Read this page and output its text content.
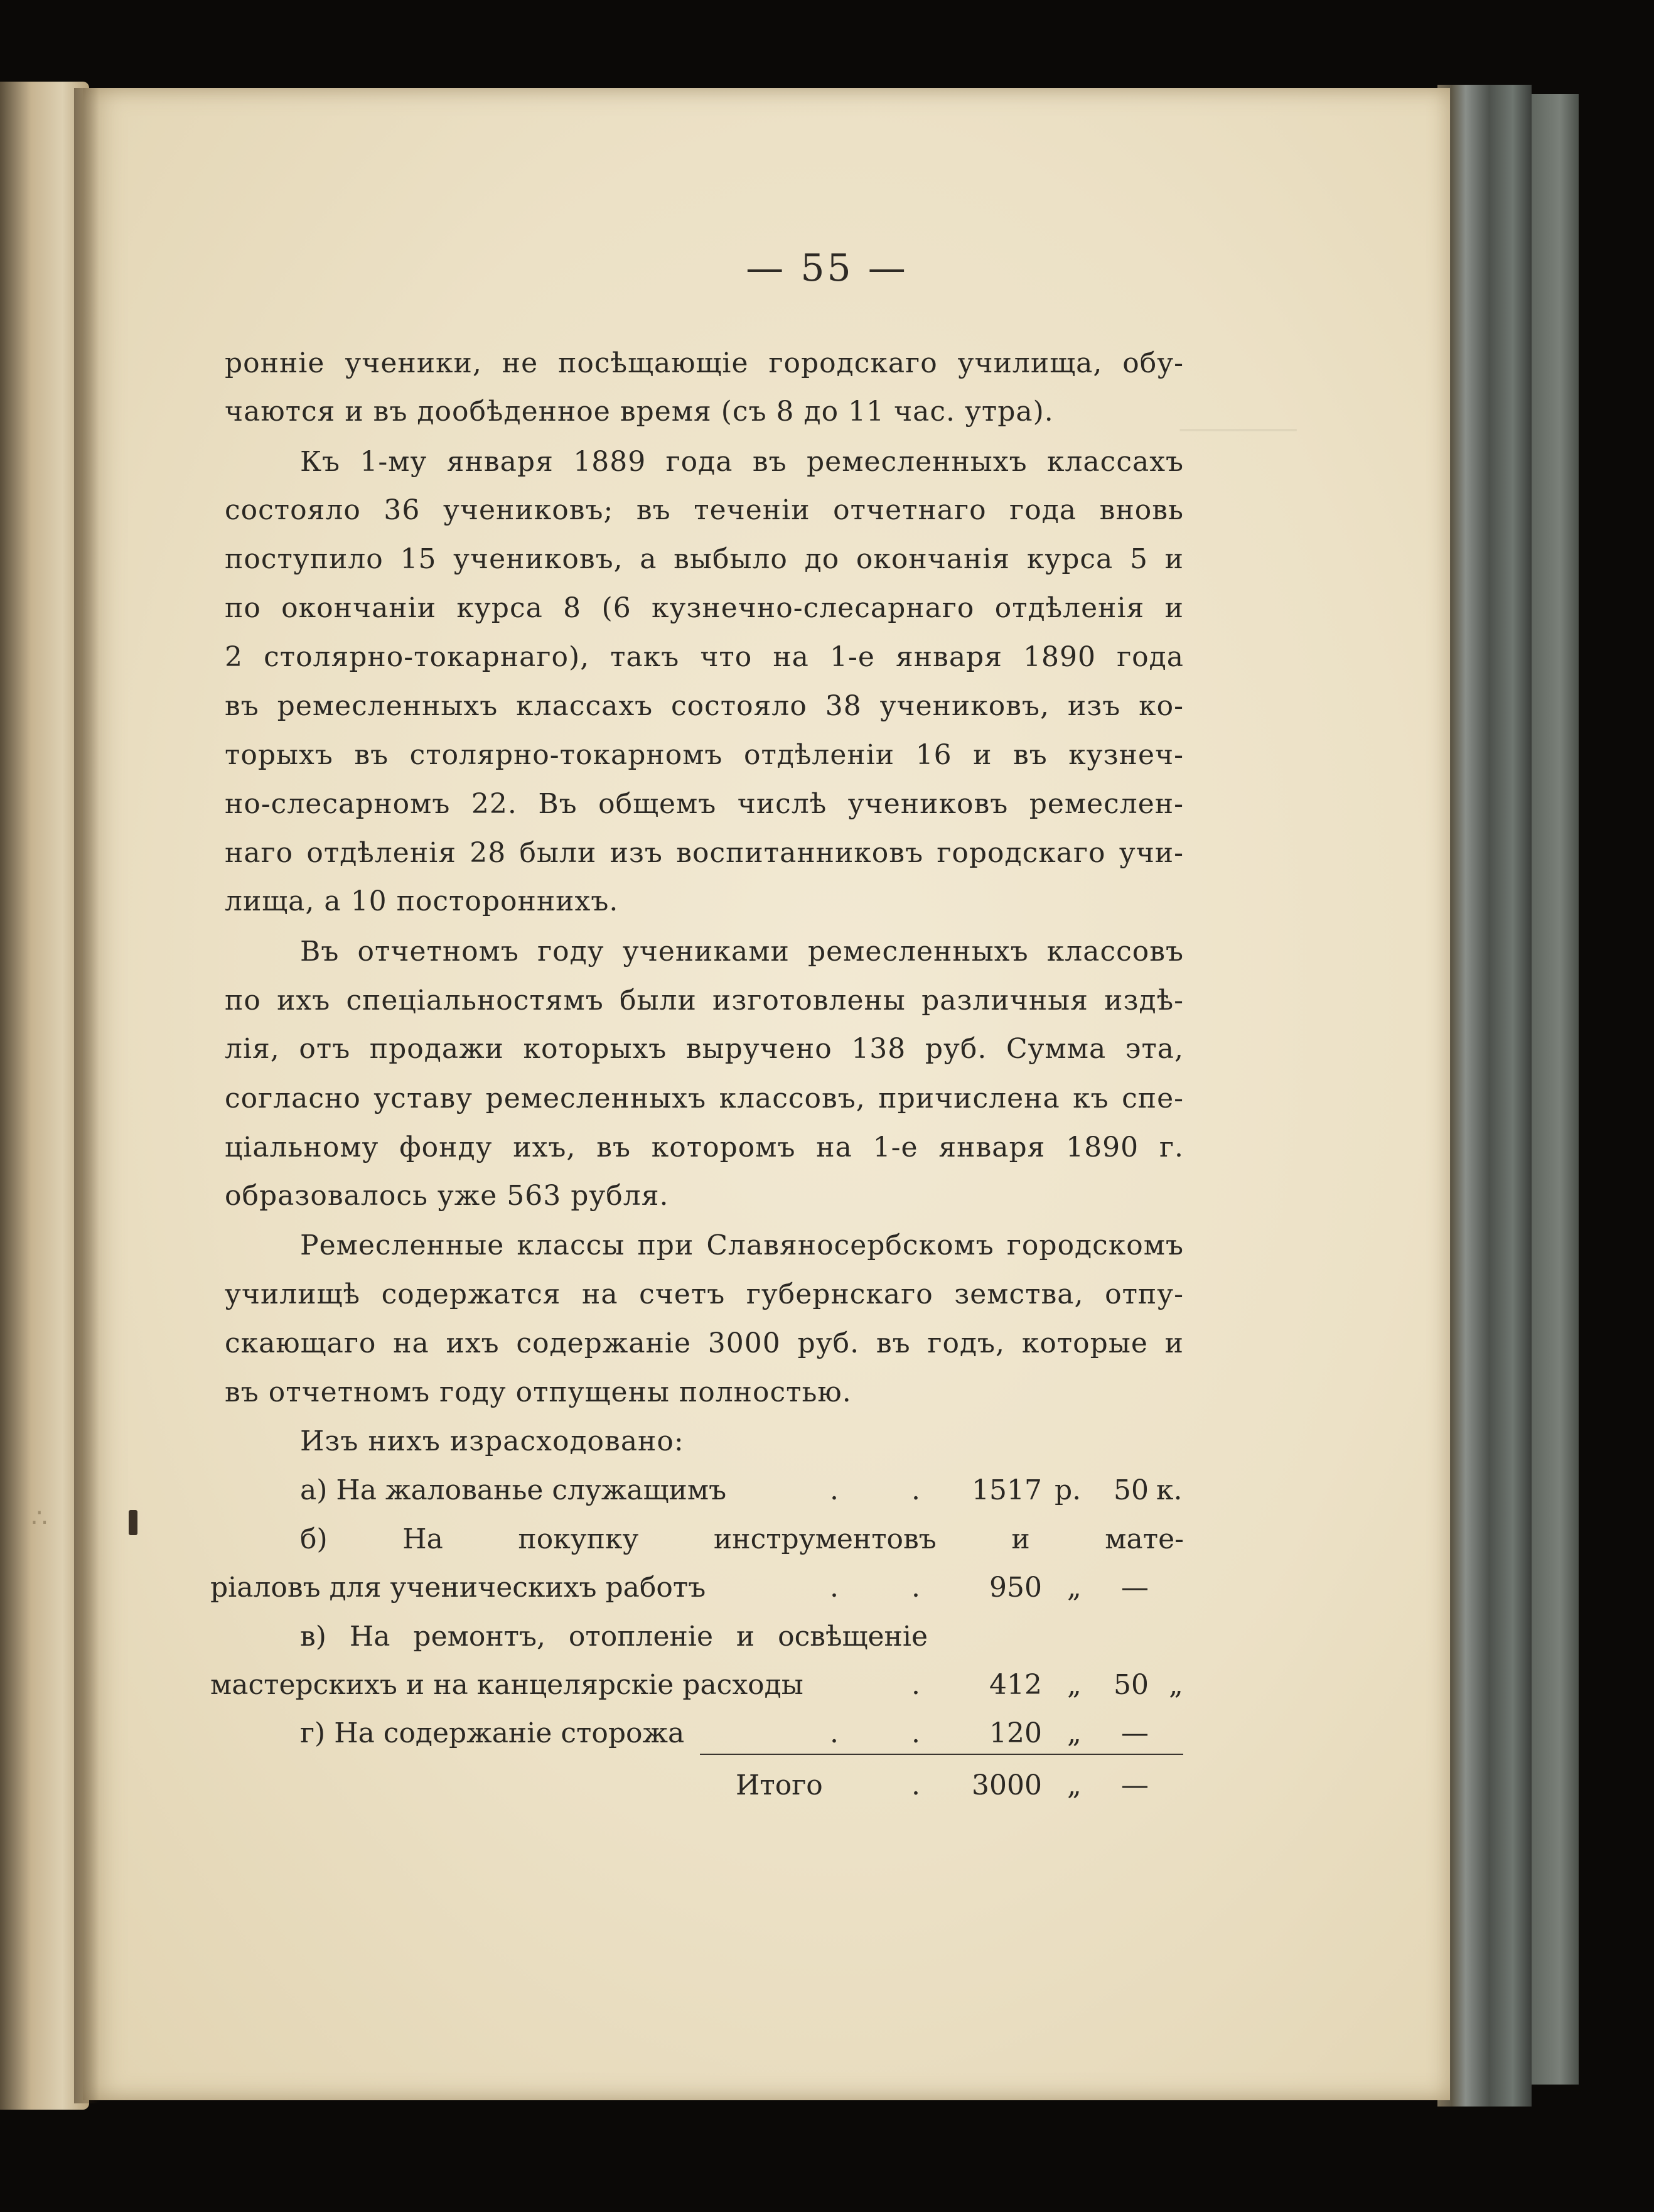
∴
───────
— 55 —
ронніе ученики, не посѣщающіе городскаго училища, обу-
чаются и въ дообѣденное время (съ 8 до 11 час. утра).
Къ 1-му января 1889 года въ ремесленныхъ классахъ
состояло 36 учениковъ; въ теченіи отчетнаго года вновь
поступило 15 учениковъ, а выбыло до окончанія курса 5 и
по окончаніи курса 8 (6 кузнечно-слесарнаго отдѣленія и
2 столярно-токарнаго), такъ что на 1-е января 1890 года
въ ремесленныхъ классахъ состояло 38 учениковъ, изъ ко-
торыхъ въ столярно-токарномъ отдѣленіи 16 и въ кузнеч-
но-слесарномъ 22. Въ общемъ числѣ учениковъ ремеслен-
наго отдѣленія 28 были изъ воспитанниковъ городскаго учи-
лища, а 10 постороннихъ.
Въ отчетномъ году учениками ремесленныхъ классовъ
по ихъ спеціальностямъ были изготовлены различныя издѣ-
лія, отъ продажи которыхъ выручено 138 руб. Сумма эта,
согласно уставу ремесленныхъ классовъ, причислена къ спе-
ціальному фонду ихъ, въ которомъ на 1-е января 1890 г.
образовалось уже 563 рубля.
Ремесленные классы при Славяносербскомъ городскомъ
училищѣ содержатся на счетъ губернскаго земства, отпу-
скающаго на ихъ содержаніе 3000 руб. въ годъ, которые и
въ отчетномъ году отпущены полностью.
Изъ нихъ израсходовано:
а) На жалованье служащимъ	.	.	1517 р.	50 к.
б) На покупку инструментовъ и мате-
ріаловъ для ученическихъ работъ	.	.	950 „	—
в) На ремонтъ, отопленіе и освѣщеніе
мастерскихъ и на канцелярскіе расходы	.	412 „	50 „
г) На содержаніе сторожа	.	.	120 „	—
Итого	.	3000 „	—
